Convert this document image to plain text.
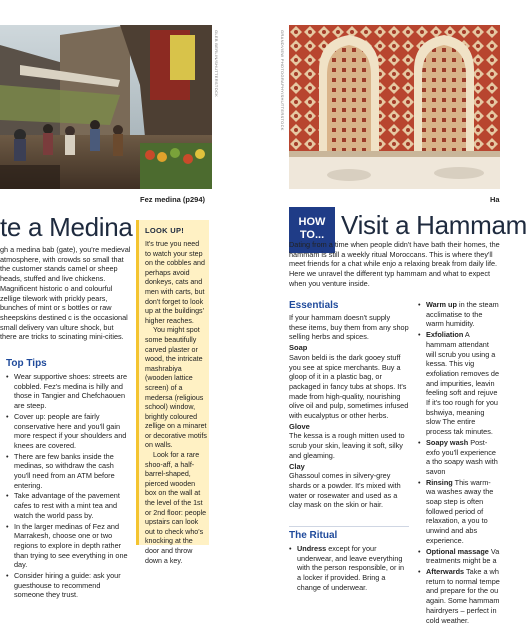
GLEB BERLIN/SHUTTERSTOCK
Fez medina (p294)
te a Medina
gh a medina bab (gate), you're medieval atmosphere, with crowds so small that the customer stands camel or sheep heads, stuffed and live chickens. Magnificent historic o and colourful zellige tilework with prickly pears, bunches of mint or s bottles or raw sheepskins destined c is the occasional small delivery van ulture shock, but there are tricks to scinating mini-cities.
Top Tips
• Wear supportive shoes: streets are cobbled. Fez's medina is hilly and those in Tangier and Chefchaouen are steep.
• Cover up: people are fairly conservative here and you'll gain more respect if your shoulders and knees are covered.
• There are few banks inside the medinas, so withdraw the cash you'll need from an ATM before entering.
• Take advantage of the pavement cafes to rest with a mint tea and watch the world pass by.
• In the larger medinas of Fez and Marrakesh, choose one or two regions to explore in depth rather than trying to see everything in one day.
• Consider hiring a guide: ask your guesthouse to recommend someone they trust.
LOOK UP!
It's true you need to watch your step on the cobbles and perhaps avoid donkeys, cats and men with carts, but don't forget to look up at the buildings' higher reaches.
You might spot some beautifully carved plaster or wood, the intricate mashrabiya (wooden lattice screen) of a medersa (religious school) window, brightly coloured zellige on a minaret or decorative motifs on walls.
Look for a rare shoo-aff, a half-barrel-shaped, pierced wooden box on the wall at the level of the 1st or 2nd floor: people upstairs can look out to check who's knocking at the door and throw down a key.
GRANDVIEW PHOTOGRAPHY/SHUTTERSTOCK
Ha
HOW TO... Visit a Hammam
Dating from a time when people didn't have bath their homes, the hammam is still a weekly ritual Moroccans. This is where they'll meet friends for a chat while enjo a relaxing break from daily life. Here we unravel the different typ hammam and what to expect when you venture inside.
Essentials
If your hammam doesn't supply these items, buy them from any shop selling herbs and spices.
Soap
Savon beldi is the dark gooey stuff you see at spice merchants. Buy a gloop of it in a plastic bag, or packaged in fancy tubs at shops. It's made from high-quality, nourishing olive oil and pulp, sometimes infused with eucalyptus or other herbs.
Glove
The kessa is a rough mitten used to scrub your skin, leaving it soft, silky and gleaming.
Clay
Ghassoul comes in silvery-grey shards or a powder. It's mixed with water or rosewater and used as a clay mask on the skin or hair.
The Ritual
• Undress except for your underwear, and leave everything with the person responsible, or in a locker if provided. Bring a change of underwear.
• Warm up in the steam acclimatise to the warm humidity.
• Exfoliation A hammam attendant will scrub you using a kessa. This vig exfoliation removes de and impurities, leavin feeling soft and rejuve If it's too rough for you bshwiya, meaning slow The entire process tak minutes.
• Soapy wash Post-exfo you'll experience a tho soapy wash with savon
• Rinsing This warm-wa washes away the soap step is often followed period of relaxation, a you to unwind and abs experience.
• Optional massage Va treatments might be a
• Afterwards Take a wh return to normal tempe and prepare for the ou again. Some hammam hairdryers – perfect in cold weather.
